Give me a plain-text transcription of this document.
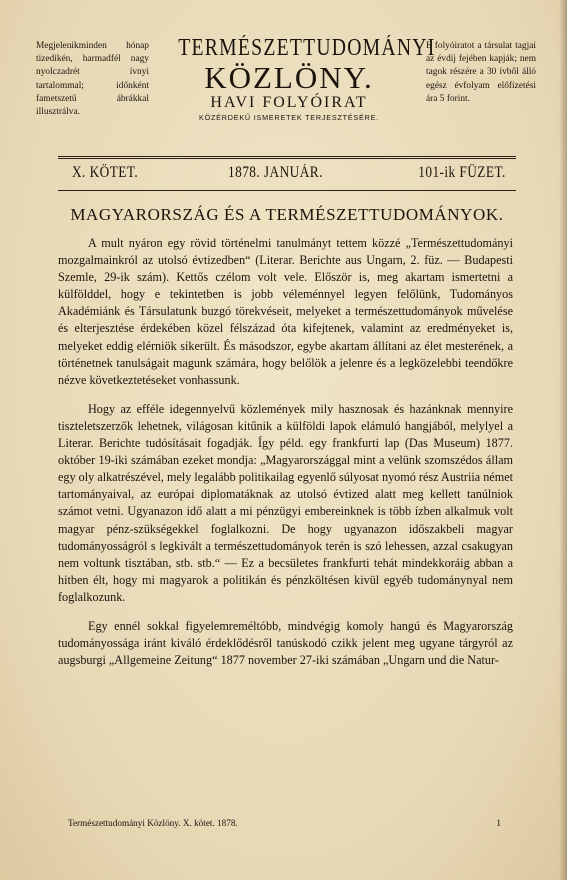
Megjelenikminden hónap tizedikén, harmadfél nagy nyolczadrét ívnyi tartalommal; időnként fametszetű ábrákkal illusztrálva.
TERMÉSZETTUDOMÁNYI
KÖZLÖNY.
HAVI FOLYÓIRAT
KÖZÉRDEKŰ ISMERETEK TERJESZTÉSÉRE.
E folyóiratot a társulat tagjai az évdíj fejében kapják; nem tagok részére a 30 ívből álló egész évfolyam előfizetési ára 5 forint.
X. KÖTET.	1878. JANUÁR.	101-ik FÜZET.
MAGYARORSZÁG ÉS A TERMÉSZETTUDOMÁNYOK.

A mult nyáron egy rövid történelmi tanulmányt tettem közzé „Természettudományi mozgalmainkról az utolsó évtizedben“ (Literar. Berichte aus Ungarn, 2. füz. — Budapesti Szemle, 29-ik szám). Kettős czélom volt vele. Először is, meg akartam ismertetni a külfölddel, hogy e tekintetben is jobb véleménnyel legyen felőlünk, Tudományos Akadémiánk és Társulatunk buzgó törekvéseit, melyeket a természettudományok művelése és elterjesztése érdekében közel félszázad óta kifejtenek, valamint az eredményeket is, melyeket eddig elérniök sikerült. És másodszor, egybe akartam állítani az élet mesterének, a történetnek tanulságait magunk számára, hogy belőlök a jelenre és a legközelebbi teendőkre nézve következtetéseket vonhassunk.

Hogy az efféle idegennyelvű közlemények mily hasznosak és hazánknak mennyire tiszteletszerzők lehetnek, világosan kitűnik a külföldi lapok elámuló hangjából, melylyel a Literar. Berichte tudósításait fogadják. Így péld. egy frankfurti lap (Das Museum) 1877. október 19-iki számában ezeket mondja: „Magyarországgal mint a velünk szomszédos állam egy oly alkatrészével, mely legalább politikailag egyenlő súlyosat nyomó rész Austriia német tartományaival, az európai diplomatáknak az utolsó évtized alatt meg kellett tanúlniok számot vetni. Ugyanazon idő alatt a mi pénzügyi embereinknek is több ízben alkalmuk volt magyar pénz-szükségekkel foglalkozni. De hogy ugyanazon időszakbeli magyar tudományosságról s legkivált a természettudományok terén is szó lehessen, azzal csakugyan nem voltunk tisztában, stb. stb.“ — Ez a becsületes frankfurti tehát mindekkoráig abban a hitben élt, hogy mi magyarok a politikán és pénzköltésen kivül egyéb tudománynyal nem foglalkozunk.

Egy ennél sokkal figyelemreméltóbb, mindvégig komoly hangú és Magyarország tudományossága iránt kiváló érdeklődésről tanúskodó czikk jelent meg ugyane tárgyról az augsburgi „Allgemeine Zeitung“ 1877 november 27-iki számában „Ungarn und die Natur-

Természettudományi Közlöny. X. kötet. 1878.	1
